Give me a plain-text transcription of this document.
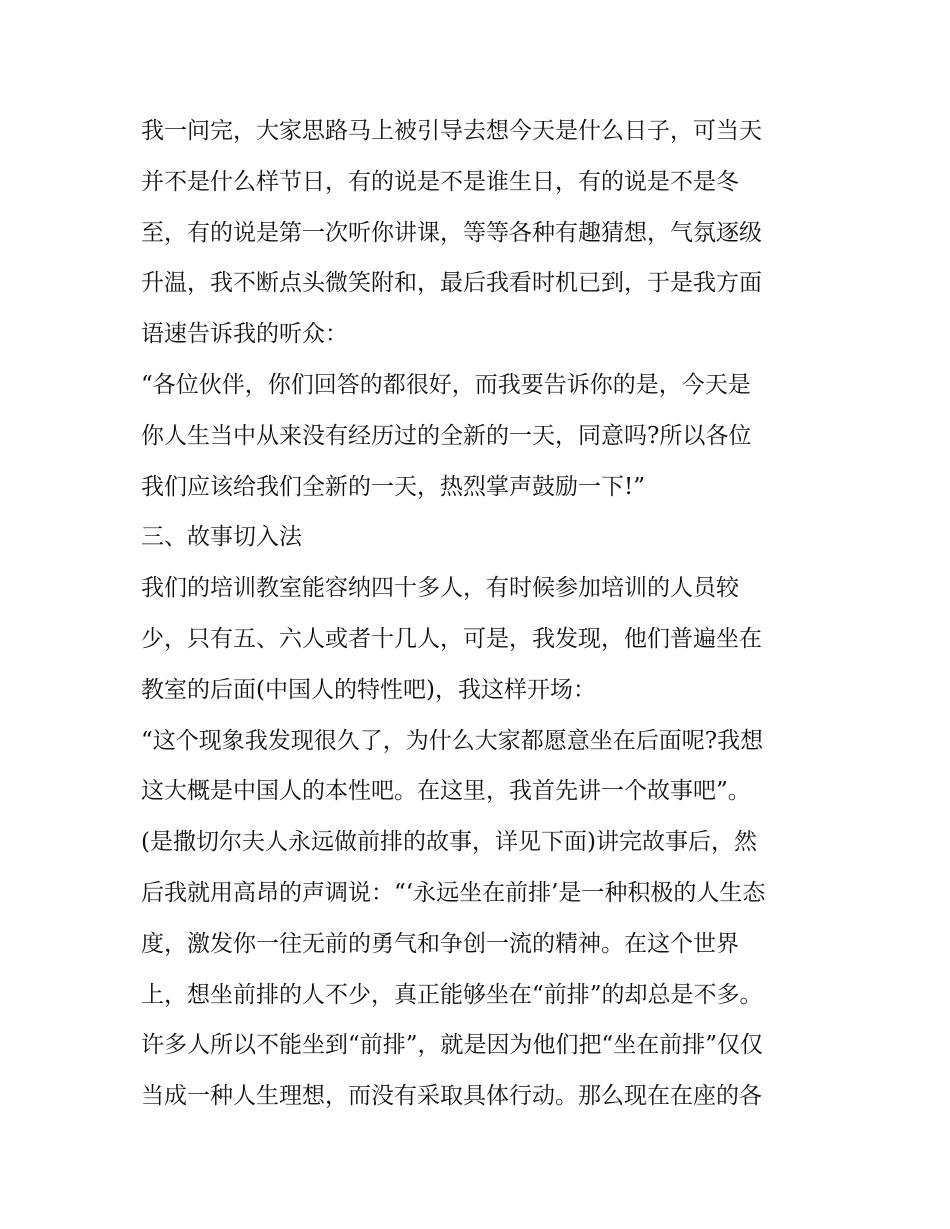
我一问完，大家思路马上被引导去想今天是什么日子，可当天
并不是什么样节日，有的说是不是谁生日，有的说是不是冬
至，有的说是第一次听你讲课，等等各种有趣猜想，气氛逐级
升温，我不断点头微笑附和，最后我看时机已到，于是我方面
语速告诉我的听众：
“各位伙伴，你们回答的都很好，而我要告诉你的是，今天是
你人生当中从来没有经历过的全新的一天，同意吗?所以各位
我们应该给我们全新的一天，热烈掌声鼓励一下!”
三、故事切入法
我们的培训教室能容纳四十多人，有时候参加培训的人员较
少，只有五、六人或者十几人，可是，我发现，他们普遍坐在
教室的后面(中国人的特性吧)，我这样开场：
“这个现象我发现很久了，为什么大家都愿意坐在后面呢?我想
这大概是中国人的本性吧。在这里，我首先讲一个故事吧”。
(是撒切尔夫人永远做前排的故事，详见下面)讲完故事后，然
后我就用高昂的声调说：“‘永远坐在前排’是一种积极的人生态
度，激发你一往无前的勇气和争创一流的精神。在这个世界
上，想坐前排的人不少，真正能够坐在“前排”的却总是不多。
许多人所以不能坐到“前排”，就是因为他们把“坐在前排”仅仅
当成一种人生理想，而没有采取具体行动。那么现在在座的各
